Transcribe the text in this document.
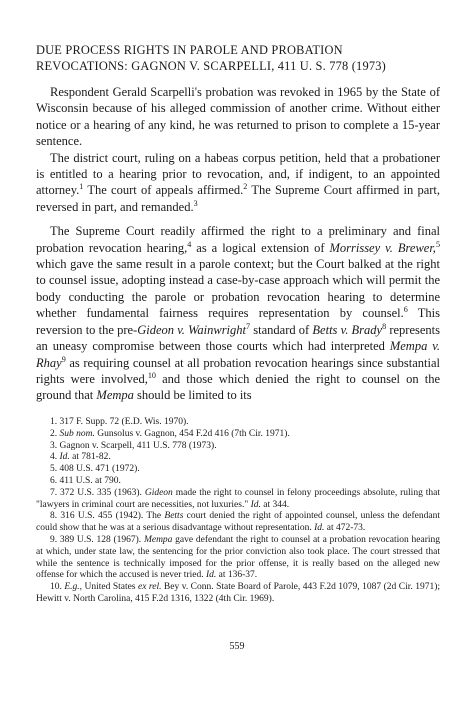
DUE PROCESS RIGHTS IN PAROLE AND PROBATION
REVOCATIONS: GAGNON V. SCARPELLI, 411 U. S. 778 (1973)

Respondent Gerald Scarpelli's probation was revoked in 1965 by the State of Wisconsin because of his alleged commission of another crime. Without either notice or a hearing of any kind, he was returned to prison to complete a 15-year sentence.

The district court, ruling on a habeas corpus petition, held that a probationer is entitled to a hearing prior to revocation, and, if indigent, to an appointed attorney.$^1$ The court of appeals affirmed.$^2$ The Supreme Court affirmed in part, reversed in part, and remanded.$^3$

The Supreme Court readily affirmed the right to a preliminary and final probation revocation hearing,$^4$ as a logical extension of Morrissey v. Brewer,$^5$ which gave the same result in a parole context; but the Court balked at the right to counsel issue, adopting instead a case-by-case approach which will permit the body conducting the parole or probation revocation hearing to determine whether fundamental fairness requires representation by counsel.$^6$ This reversion to the pre-Gideon v. Wainwright$^7$ standard of Betts v. Brady$^8$ represents an uneasy compromise between those courts which had interpreted Mempa v. Rhay$^9$ as requiring counsel at all probation revocation hearings since substantial rights were involved,$^{10}$ and those which denied the right to counsel on the ground that Mempa should be limited to its

1. 317 F. Supp. 72 (E.D. Wis. 1970).

2. Sub nom. Gunsolus v. Gagnon, 454 F.2d 416 (7th Cir. 1971).

3. Gagnon v. Scarpell, 411 U.S. 778 (1973).

4. Id. at 781-82.

5. 408 U.S. 471 (1972).

6. 411 U.S. at 790.

7. 372 U.S. 335 (1963). Gideon made the right to counsel in felony proceedings absolute, ruling that "lawyers in criminal court are necessities, not luxuries." Id. at 344.

8. 316 U.S. 455 (1942). The Betts court denied the right of appointed counsel, unless the defendant could show that he was at a serious disadvantage without representation. Id. at 472-73.

9. 389 U.S. 128 (1967). Mempa gave defendant the right to counsel at a probation revocation hearing at which, under state law, the sentencing for the prior conviction also took place. The court stressed that while the sentence is technically imposed for the prior offense, it is really based on the alleged new offense for which the accused is never tried. Id. at 136-37.

10. E.g., United States ex rel. Bey v. Conn. State Board of Parole, 443 F.2d 1079, 1087 (2d Cir. 1971); Hewitt v. North Carolina, 415 F.2d 1316, 1322 (4th Cir. 1969).

559
